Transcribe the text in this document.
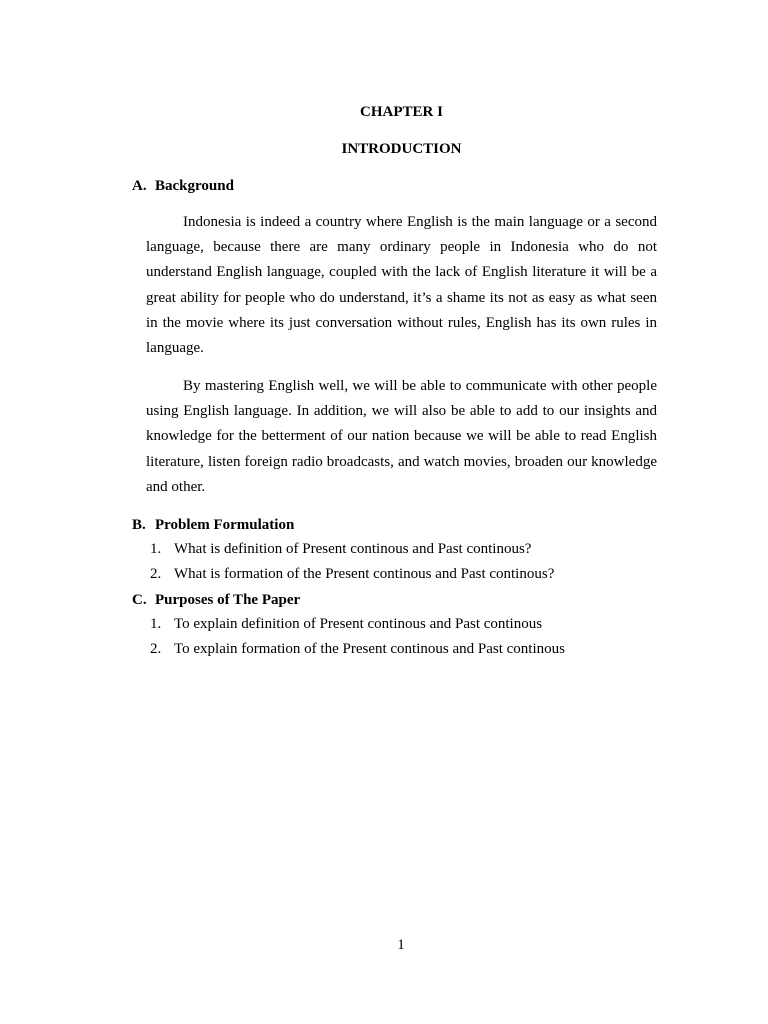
CHAPTER I
INTRODUCTION
A. Background

Indonesia is indeed a country where English is the main language or a second language, because there are many ordinary people in Indonesia who do not understand English language, coupled with the lack of English literature it will be a great ability for people who do understand, it’s a shame its not as easy as what seen in the movie where its just conversation without rules, English has its own rules in language.

By mastering English well, we will be able to communicate with other people using English language. In addition, we will also be able to add to our insights and knowledge for the betterment of our nation because we will be able to read English literature, listen foreign radio broadcasts, and watch movies, broaden our knowledge and other.

B. Problem Formulation
1. What is definition of Present continous and Past continous?
2. What is formation of the Present continous and Past continous?
C. Purposes of The Paper
1. To explain definition of Present continous and Past continous
2. To explain formation of the Present continous and Past continous
1
